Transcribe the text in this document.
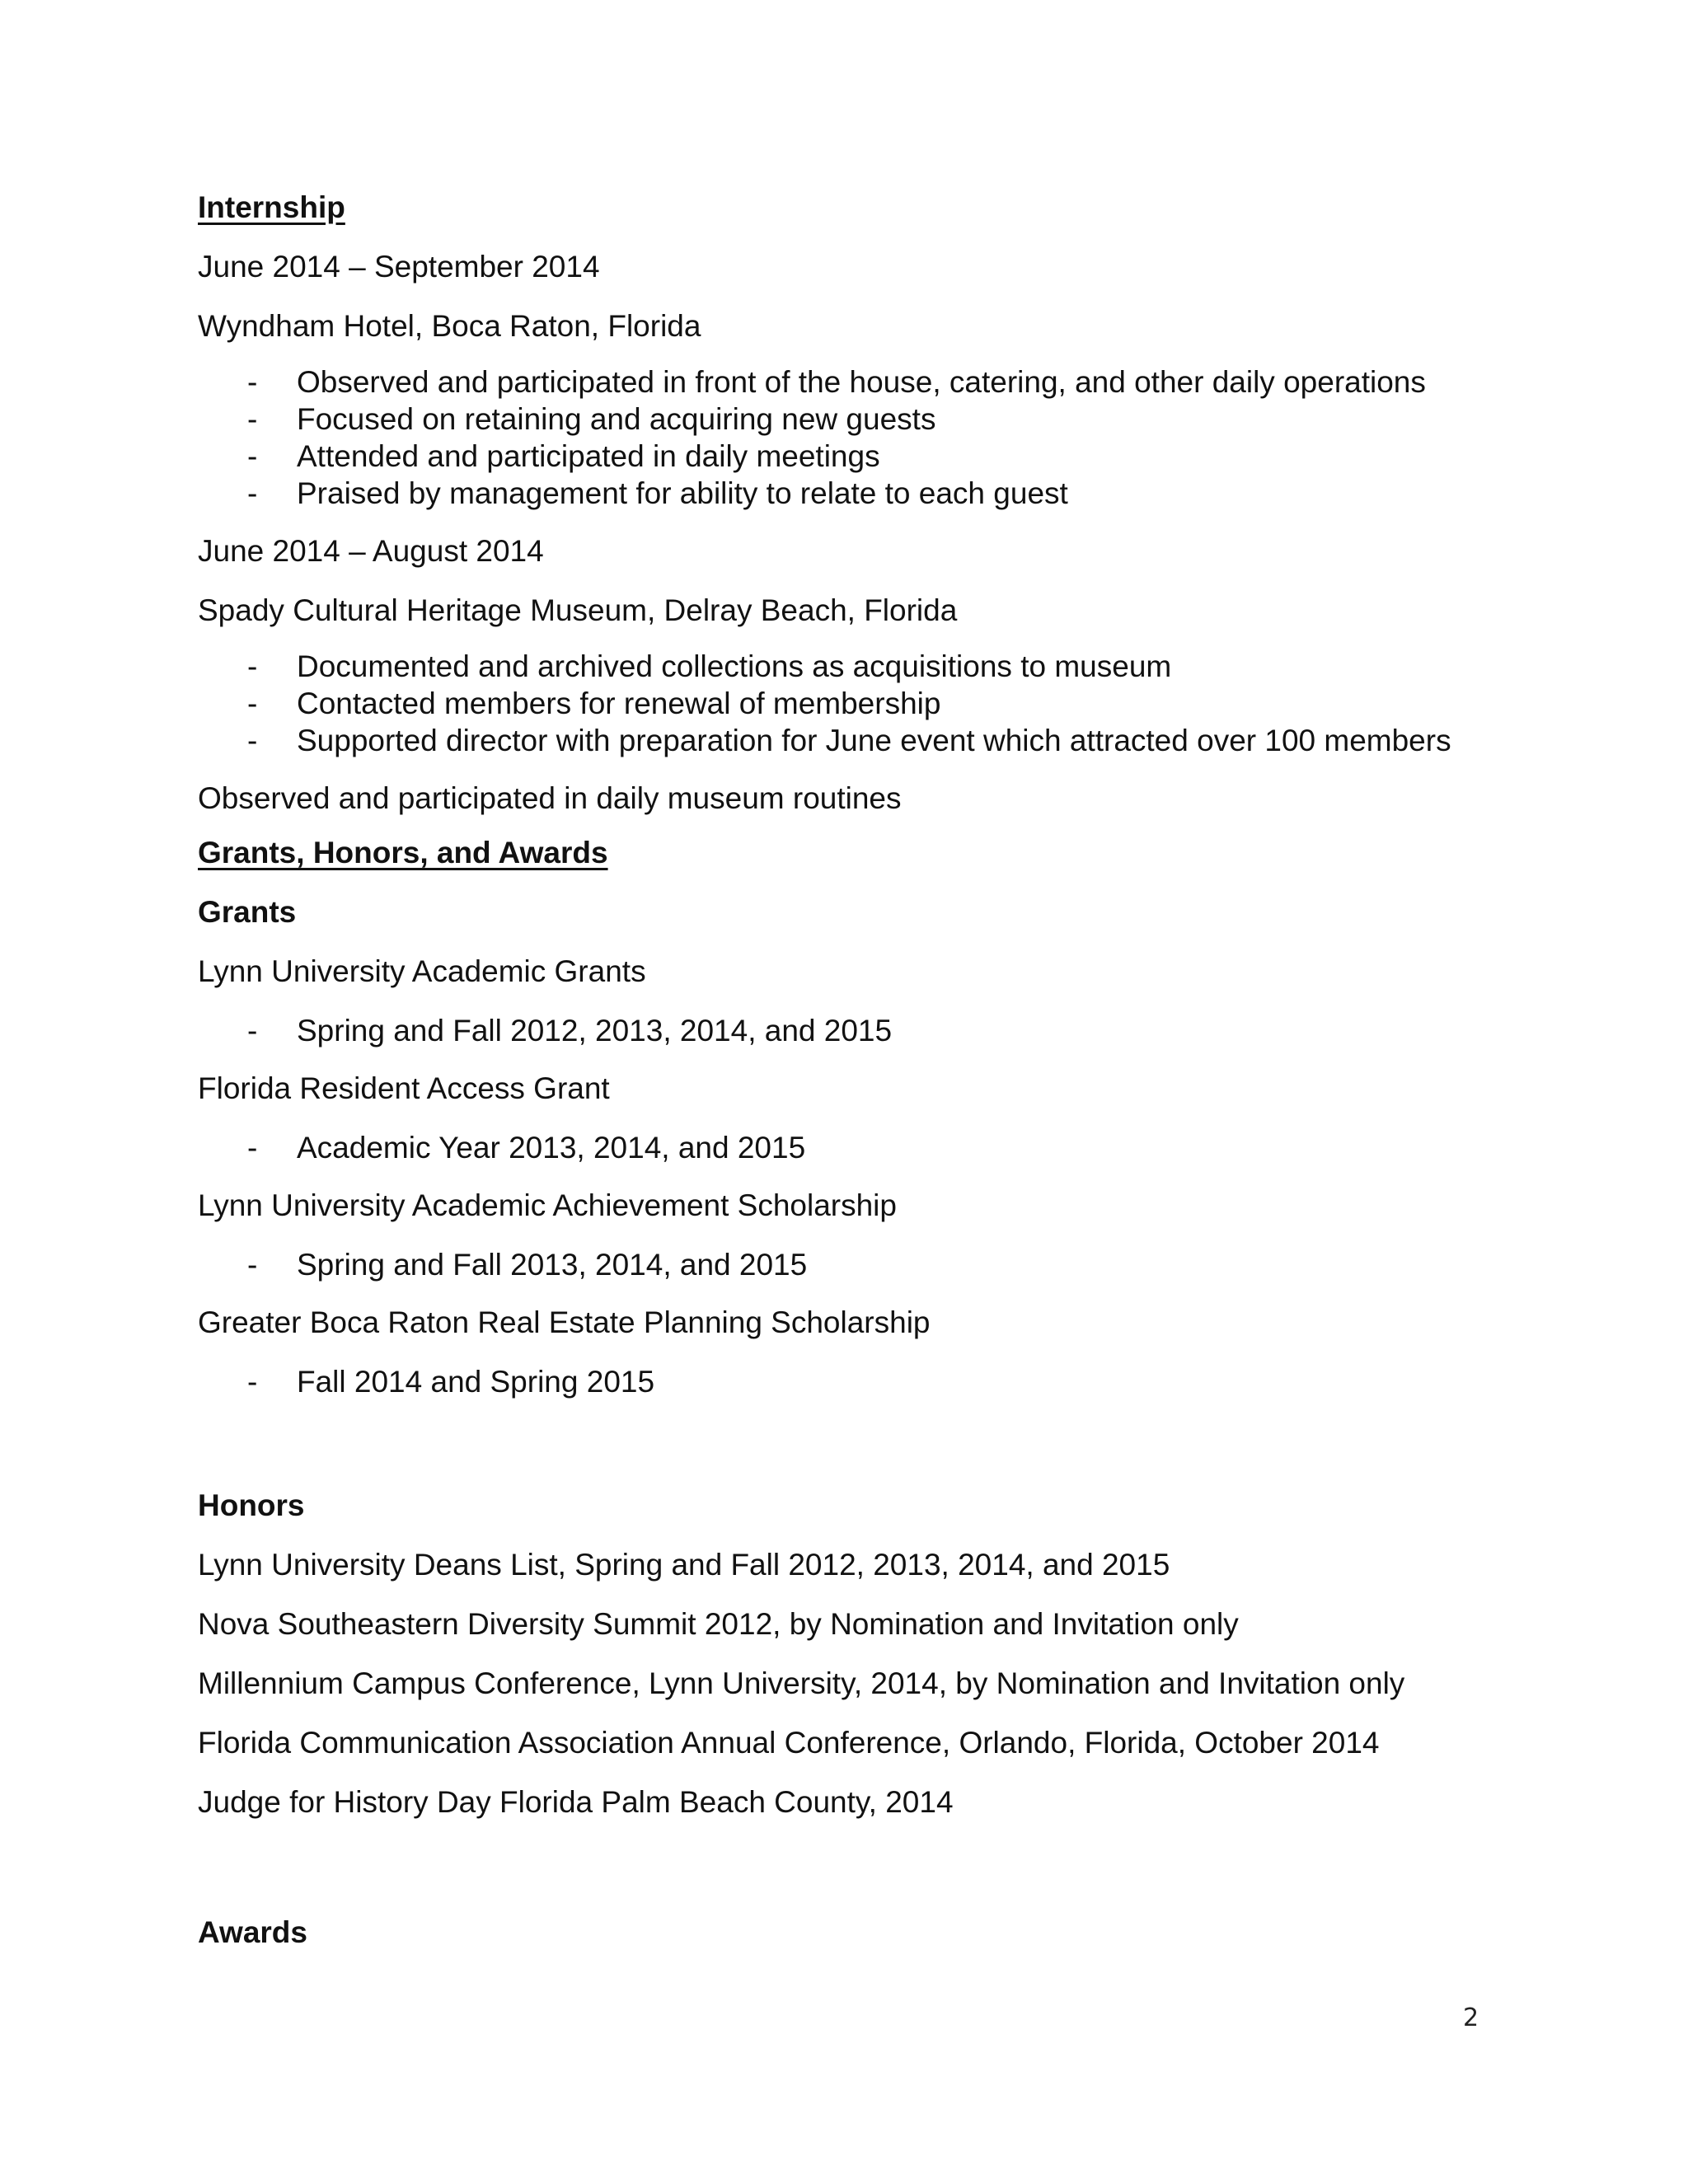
Internship
June 2014 – September 2014
Wyndham Hotel, Boca Raton, Florida
- Observed and participated in front of the house, catering, and other daily operations
- Focused on retaining and acquiring new guests
- Attended and participated in daily meetings
- Praised by management for ability to relate to each guest
June 2014 – August 2014
Spady Cultural Heritage Museum, Delray Beach, Florida
- Documented and archived collections as acquisitions to museum
- Contacted members for renewal of membership
- Supported director with preparation for June event which attracted over 100 members
Observed and participated in daily museum routines
Grants, Honors, and Awards
Grants
Lynn University Academic Grants
- Spring and Fall 2012, 2013, 2014, and 2015
Florida Resident Access Grant
- Academic Year 2013, 2014, and 2015
Lynn University Academic Achievement Scholarship
- Spring and Fall 2013, 2014, and 2015
Greater Boca Raton Real Estate Planning Scholarship
- Fall 2014 and Spring 2015
Honors
Lynn University Deans List, Spring and Fall 2012, 2013, 2014, and 2015
Nova Southeastern Diversity Summit 2012, by Nomination and Invitation only
Millennium Campus Conference, Lynn University, 2014, by Nomination and Invitation only
Florida Communication Association Annual Conference, Orlando, Florida, October 2014
Judge for History Day Florida Palm Beach County, 2014
Awards
2
